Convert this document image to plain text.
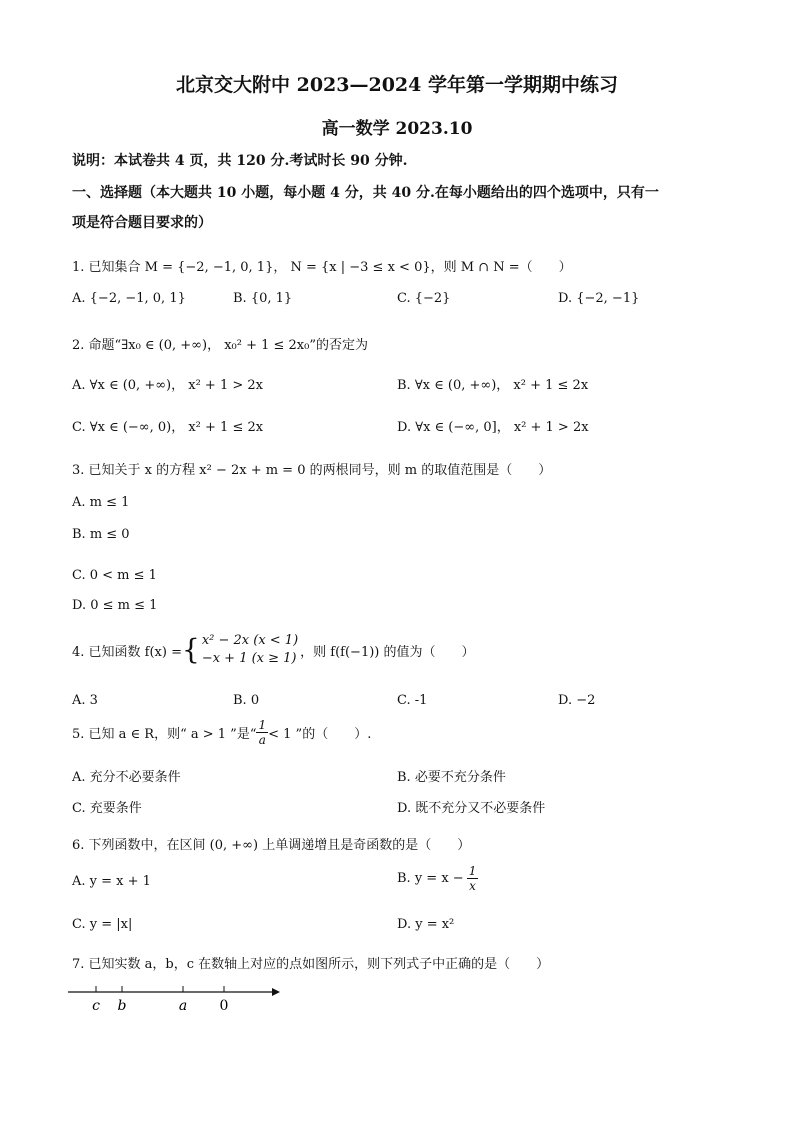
北京交大附中 2023—2024 学年第一学期期中练习
高一数学 2023.10
说明：本试卷共 4 页，共 120 分.考试时长 90 分钟.
一、选择题（本大题共 10 小题，每小题 4 分，共 40 分.在每小题给出的四个选项中，只有一
项是符合题目要求的）
1. 已知集合 M = {−2, −1, 0, 1}， N = {x | −3 ≤ x < 0}，则 M ∩ N =（　　）
A. {−2, −1, 0, 1}	B. {0, 1}	C. {−2}	D. {−2, −1}
2. 命题“∃x₀ ∈ (0, +∞)， x₀² + 1 ≤ 2x₀”的否定为
A. ∀x ∈ (0, +∞)， x² + 1 > 2x	B. ∀x ∈ (0, +∞)， x² + 1 ≤ 2x
C. ∀x ∈ (−∞, 0)， x² + 1 ≤ 2x	D. ∀x ∈ (−∞, 0]， x² + 1 > 2x
3. 已知关于 x 的方程 x² − 2x + m = 0 的两根同号，则 m 的取值范围是（　　）
A. m ≤ 1
B. m ≤ 0
C. 0 < m ≤ 1
D. 0 ≤ m ≤ 1
4. 已知函数 f(x) = { x² − 2x (x < 1)
−x + 1 (x ≥ 1) ，则 f(f(−1)) 的值为（　　）
A. 3	B. 0	C. -1	D. −2
5. 已知 a ∈ R，则“ a > 1 ”是“ $\frac{1}{a} < 1$ ”的（　　）.
A. 充分不必要条件	B. 必要不充分条件
C. 充要条件	D. 既不充分又不必要条件
6. 下列函数中，在区间 (0, +∞) 上单调递增且是奇函数的是（　　）
A. y = x + 1	B. $y = x - \frac{1}{x}$
C. y = |x|	D. y = x²
7. 已知实数 a，b，c 在数轴上对应的点如图所示，则下列式子中正确的是（　　）
c b	a 0
